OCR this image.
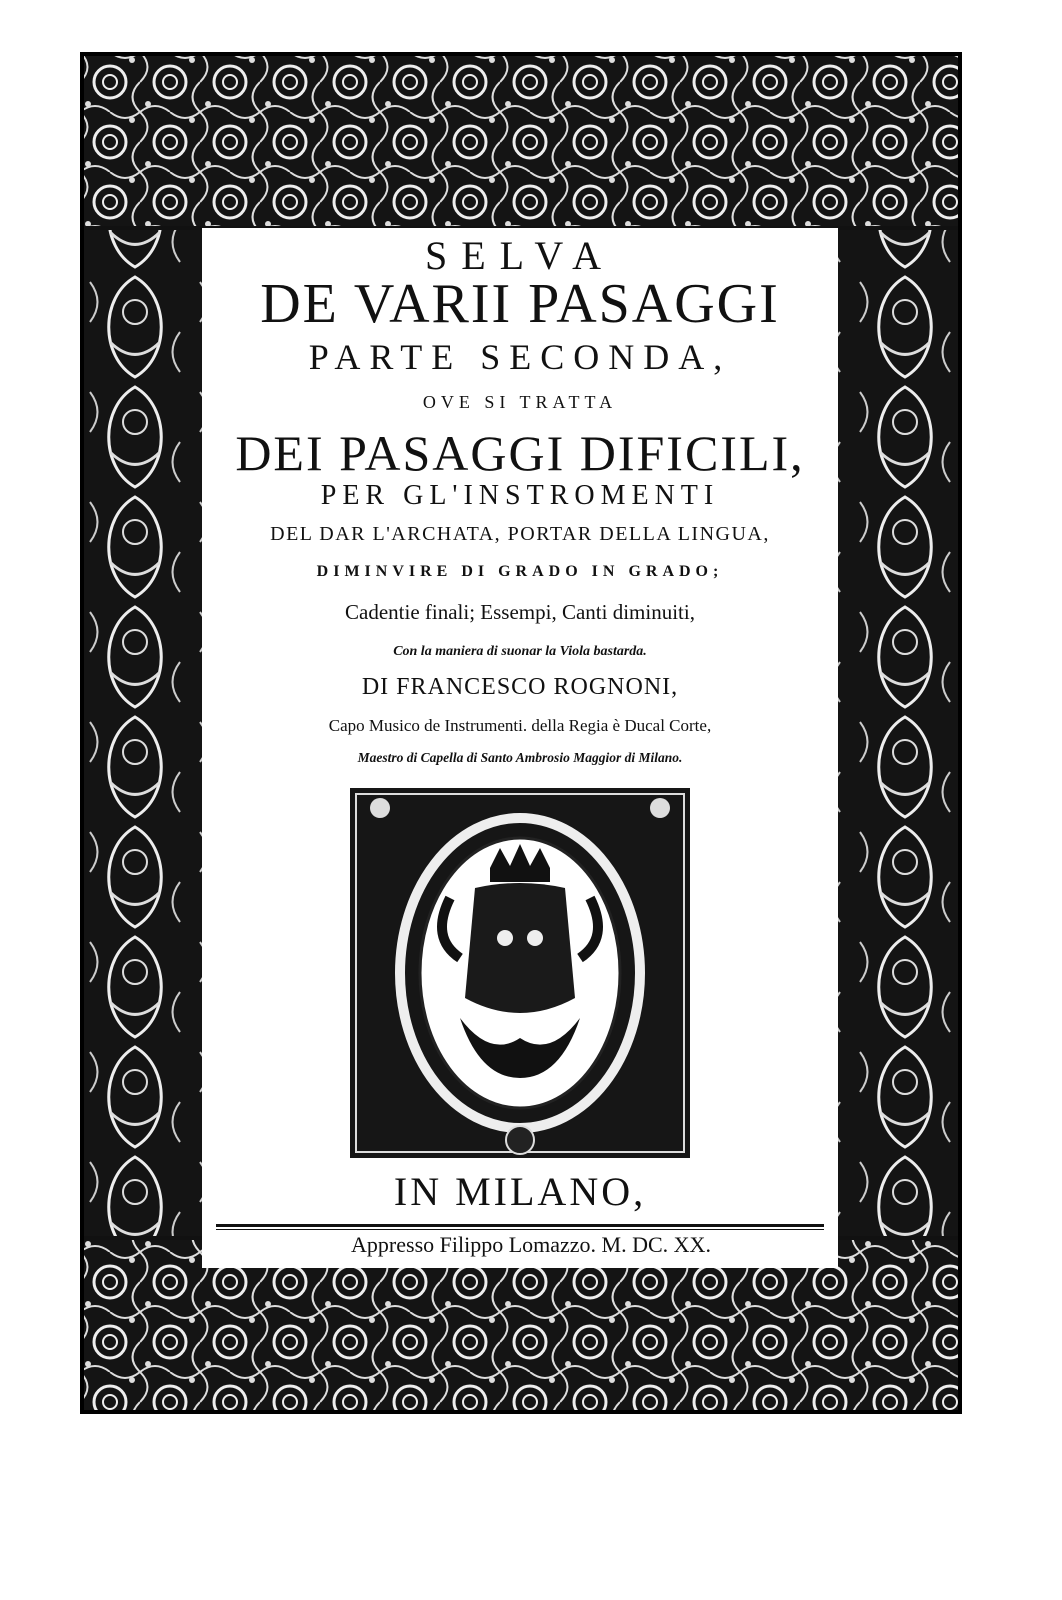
SELVA
DE VARII PASAGGI
PARTE SECONDA,
OVE SI TRATTA
DEI PASAGGI DIFICILI,
PER GL'INSTROMENTI
DEL DAR L'ARCHATA, PORTAR DELLA LINGUA,
DIMINVIRE DI GRADO IN GRADO;
Cadentie finali; Essempi, Canti diminuiti,
Con la maniera di suonar la Viola bastarda.
DI FRANCESCO ROGNONI,
Capo Musico de Instrumenti. della Regia è Ducal Corte,
Maestro di Capella di Santo Ambrosio Maggior di Milano.
IN MILANO,
Appresso Filippo Lomazzo. M. DC. XX.
